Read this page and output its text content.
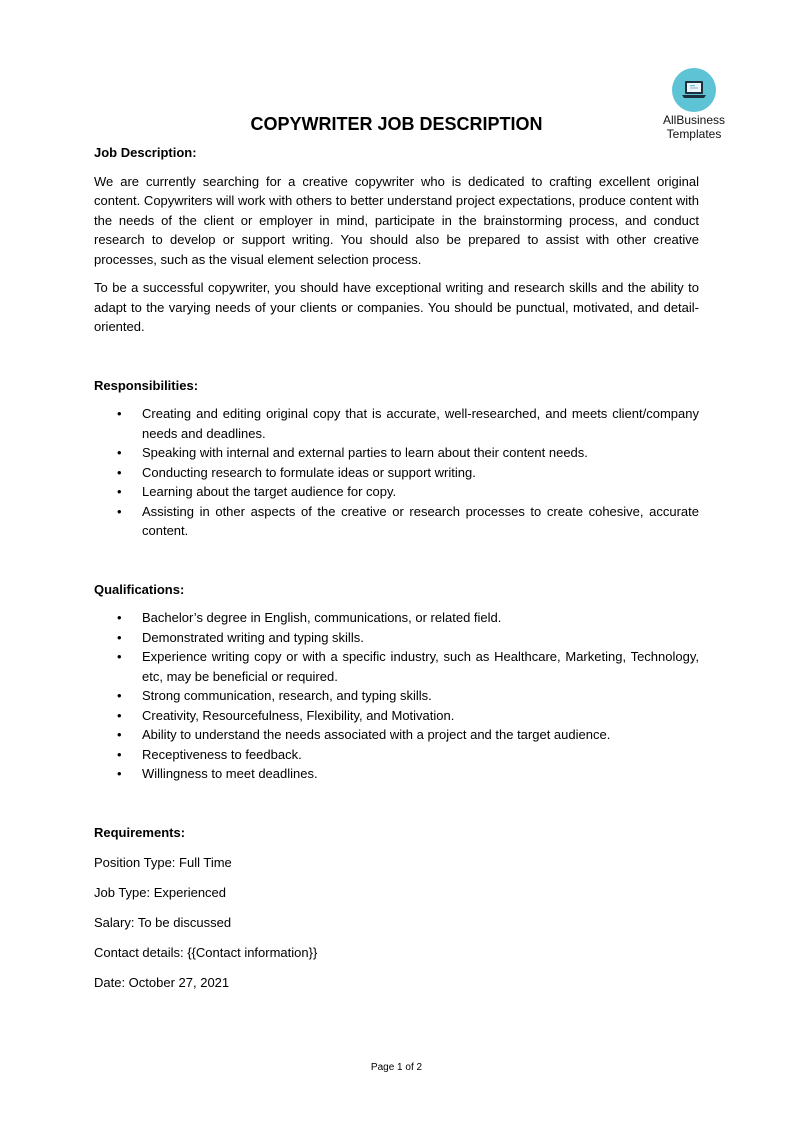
AllBusiness
Templates
COPYWRITER JOB DESCRIPTION
Job Description:

We are currently searching for a creative copywriter who is dedicated to crafting excellent original content. Copywriters will work with others to better understand project expectations, produce content with the needs of the client or employer in mind, participate in the brainstorming process, and conduct research to develop or support writing. You should also be prepared to assist with other creative processes, such as the visual element selection process.

To be a successful copywriter, you should have exceptional writing and research skills and the ability to adapt to the varying needs of your clients or companies. You should be punctual, motivated, and detail-oriented.

Responsibilities:
• Creating and editing original copy that is accurate, well-researched, and meets client/company needs and deadlines.
• Speaking with internal and external parties to learn about their content needs.
• Conducting research to formulate ideas or support writing.
• Learning about the target audience for copy.
• Assisting in other aspects of the creative or research processes to create cohesive, accurate content.
Qualifications:
• Bachelor’s degree in English, communications, or related field.
• Demonstrated writing and typing skills.
• Experience writing copy or with a specific industry, such as Healthcare, Marketing, Technology, etc, may be beneficial or required.
• Strong communication, research, and typing skills.
• Creativity, Resourcefulness, Flexibility, and Motivation.
• Ability to understand the needs associated with a project and the target audience.
• Receptiveness to feedback.
• Willingness to meet deadlines.
Requirements:
Position Type: Full Time
Job Type: Experienced
Salary: To be discussed
Contact details: {{Contact information}}
Date: October 27, 2021
Page 1 of 2
